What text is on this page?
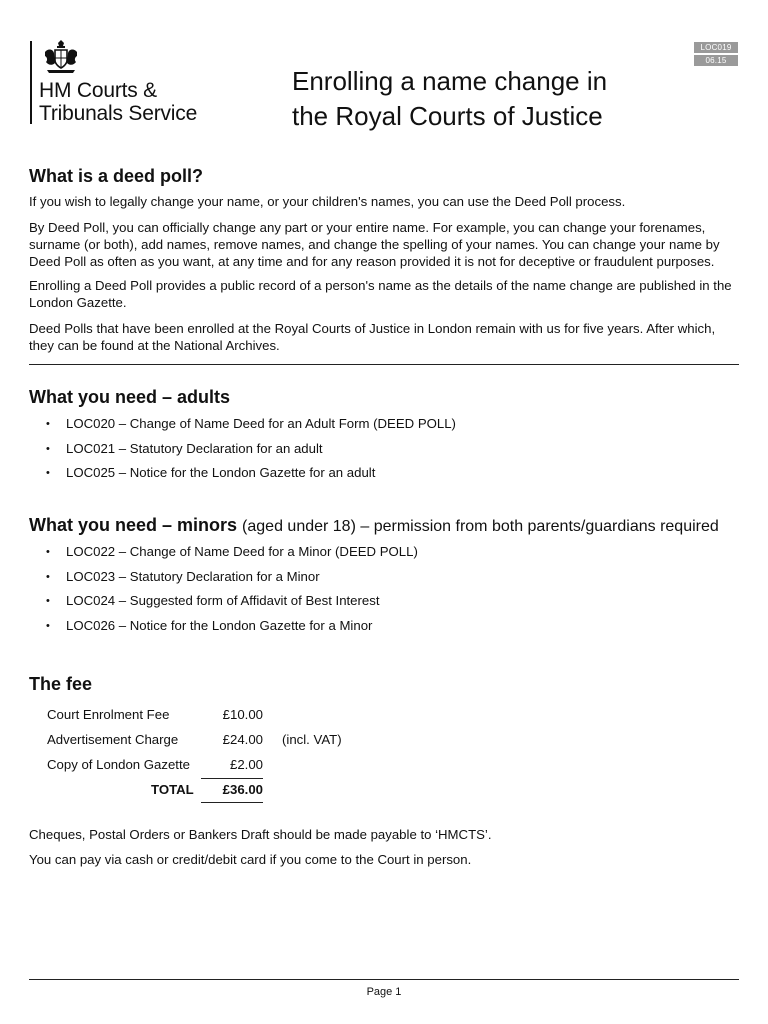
HM Courts &
Tribunals Service
Enrolling a name change in
the Royal Courts of Justice
LOC019
06.15
What is a deed poll?

If you wish to legally change your name, or your children's names, you can use the Deed Poll process.

By Deed Poll, you can officially change any part or your entire name. For example, you can change your forenames, surname (or both), add names, remove names, and change the spelling of your names. You can change your name by Deed Poll as often as you want, at any time and for any reason provided it is not for deceptive or fraudulent purposes.

Enrolling a Deed Poll provides a public record of a person's name as the details of the name change are published in the London Gazette.

Deed Polls that have been enrolled at the Royal Courts of Justice in London remain with us for five years. After which, they can be found at the National Archives.

What you need – adults
• LOC020 – Change of Name Deed for an Adult Form (DEED POLL)
• LOC021 – Statutory Declaration for an adult
• LOC025 – Notice for the London Gazette for an adult
What you need – minors (aged under 18) – permission from both parents/guardians required
• LOC022 – Change of Name Deed for a Minor (DEED POLL)
• LOC023 – Statutory Declaration for a Minor
• LOC024 – Suggested form of Affidavit of Best Interest
• LOC026 – Notice for the London Gazette for a Minor
The fee
Court Enrolment Fee	£10.00
Advertisement Charge	£24.00 (incl. VAT)
Copy of London Gazette	£2.00
TOTAL	£36.00

Cheques, Postal Orders or Bankers Draft should be made payable to ‘HMCTS’.

You can pay via cash or credit/debit card if you come to the Court in person.

Page 1
